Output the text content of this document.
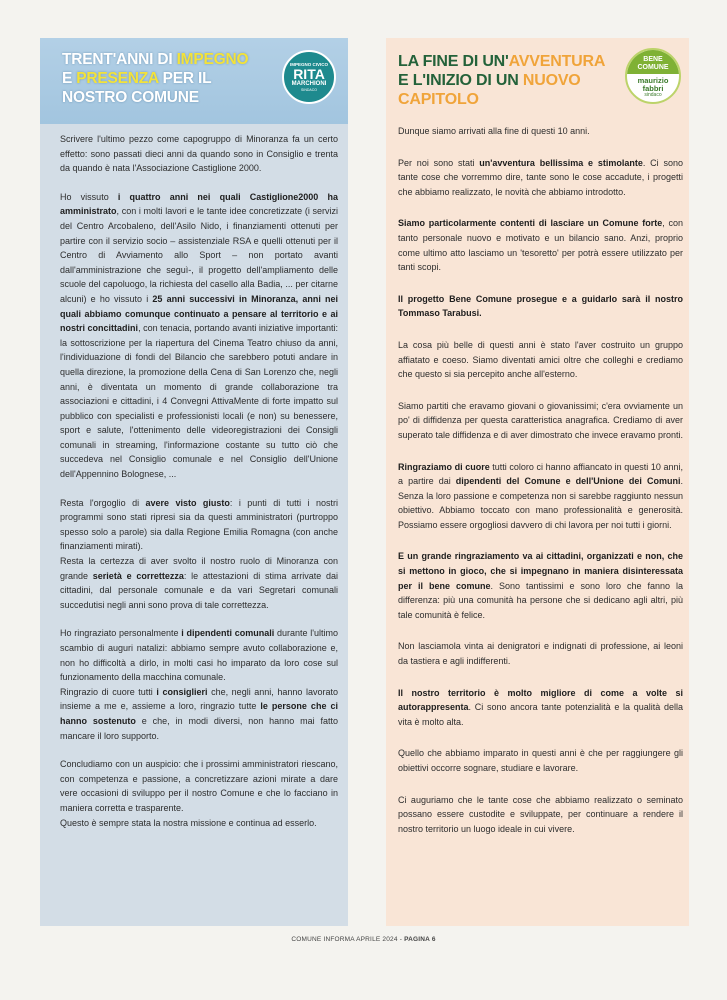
TRENT'ANNI DI IMPEGNO
E PRESENZA PER IL
NOSTRO COMUNE
IMPEGNO CIVICO
RITA
MARCHIONI
SINDACO

Scrivere l'ultimo pezzo come capogruppo di Minoranza fa un certo effetto: sono passati dieci anni da quando sono in Consiglio e trenta da quando è nata l'Associazione Castiglione 2000.

Ho vissuto i quattro anni nei quali Castiglione2000 ha amministrato, con i molti lavori e le tante idee concretizzate (i servizi del Centro Arcobaleno, dell'Asilo Nido, i finanziamenti ottenuti per partire con il servizio socio – assistenziale RSA e quelli ottenuti per il Centro di Avviamento allo Sport – non portato avanti dall'amministrazione che seguì-, il progetto dell'ampliamento delle scuole del capoluogo, la richiesta del casello alla Badia, ... per citarne alcuni) e ho vissuto i 25 anni successivi in Minoranza, anni nei quali abbiamo comunque continuato a pensare al territorio e ai nostri concittadini, con tenacia, portando avanti iniziative importanti: la sottoscrizione per la riapertura del Cinema Teatro chiuso da anni, l'individuazione di fondi del Bilancio che sarebbero potuti andare in quella direzione, la promozione della Cena di San Lorenzo che, negli anni, è diventata un momento di grande collaborazione tra associazioni e cittadini, i 4 Convegni AttivaMente di forte impatto sul pubblico con specialisti e professionisti locali (e non) su benessere, sport e salute, l'ottenimento delle videoregistrazioni dei Consigli comunali in streaming, l'informazione costante su tutto ciò che succedeva nel Consiglio comunale e nel Consiglio dell'Unione dell'Appennino Bolognese, ...

Resta l'orgoglio di avere visto giusto: i punti di tutti i nostri programmi sono stati ripresi sia da questi amministratori (purtroppo spesso solo a parole) sia dalla Regione Emilia Romagna (con anche finanziamenti mirati).

Resta la certezza di aver svolto il nostro ruolo di Minoranza con grande serietà e correttezza: le attestazioni di stima arrivate dai cittadini, dal personale comunale e da vari Segretari comunali succedutisi negli anni sono prova di tale correttezza.

Ho ringraziato personalmente i dipendenti comunali durante l'ultimo scambio di auguri natalizi: abbiamo sempre avuto collaborazione e, non ho difficoltà a dirlo, in molti casi ho imparato da loro cose sul funzionamento della macchina comunale.

Ringrazio di cuore tutti i consiglieri che, negli anni, hanno lavorato insieme a me e, assieme a loro, ringrazio tutte le persone che ci hanno sostenuto e che, in modi diversi, non hanno mai fatto mancare il loro supporto.

Concludiamo con un auspicio: che i prossimi amministratori riescano, con competenza e passione, a concretizzare azioni mirate a dare vere occasioni di sviluppo per il nostro Comune e che lo facciano in maniera corretta e trasparente.

Questo è sempre stata la nostra missione e continua ad esserlo.

LA FINE DI UN'AVVENTURA
E L'INIZIO DI UN NUOVO
CAPITOLO
BENE
COMUNE
maurizio
fabbri
sindaco

Dunque siamo arrivati alla fine di questi 10 anni.

Per noi sono stati un'avventura bellissima e stimolante. Ci sono tante cose che vorremmo dire, tante sono le cose accadute, i progetti che abbiamo realizzato, le novità che abbiamo introdotto.

Siamo particolarmente contenti di lasciare un Comune forte, con tanto personale nuovo e motivato e un bilancio sano. Anzi, proprio come ultimo atto lasciamo un 'tesoretto' per potrà essere utilizzato per tanti scopi.

Il progetto Bene Comune prosegue e a guidarlo sarà il nostro Tommaso Tarabusi.

La cosa più belle di questi anni è stato l'aver costruito un gruppo affiatato e coeso. Siamo diventati amici oltre che colleghi e crediamo che questo si sia percepito anche all'esterno.

Siamo partiti che eravamo giovani o giovanissimi; c'era ovviamente un po' di diffidenza per questa caratteristica anagrafica. Crediamo di aver superato tale diffidenza e di aver dimostrato che invece eravamo pronti.

Ringraziamo di cuore tutti coloro ci hanno affiancato in questi 10 anni, a partire dai dipendenti del Comune e dell'Unione dei Comuni. Senza la loro passione e competenza non si sarebbe raggiunto nessun obiettivo. Abbiamo toccato con mano professionalità e generosità. Possiamo essere orgogliosi davvero di chi lavora per noi tutti i giorni.

E un grande ringraziamento va ai cittadini, organizzati e non, che si mettono in gioco, che si impegnano in maniera disinteressata per il bene comune. Sono tantissimi e sono loro che fanno la differenza: più una comunità ha persone che si dedicano agli altri, più tale comunità è felice.

Non lasciamola vinta ai denigratori e indignati di professione, ai leoni da tastiera e agli indifferenti.

Il nostro territorio è molto migliore di come a volte si autorappresenta. Ci sono ancora tante potenzialità e la qualità della vita è molto alta.

Quello che abbiamo imparato in questi anni è che per raggiungere gli obiettivi occorre sognare, studiare e lavorare.

Ci auguriamo che le tante cose che abbiamo realizzato o seminato possano essere custodite e sviluppate, per continuare a rendere il nostro territorio un luogo ideale in cui vivere.

COMUNE INFORMA APRILE 2024 - PAGINA 6
